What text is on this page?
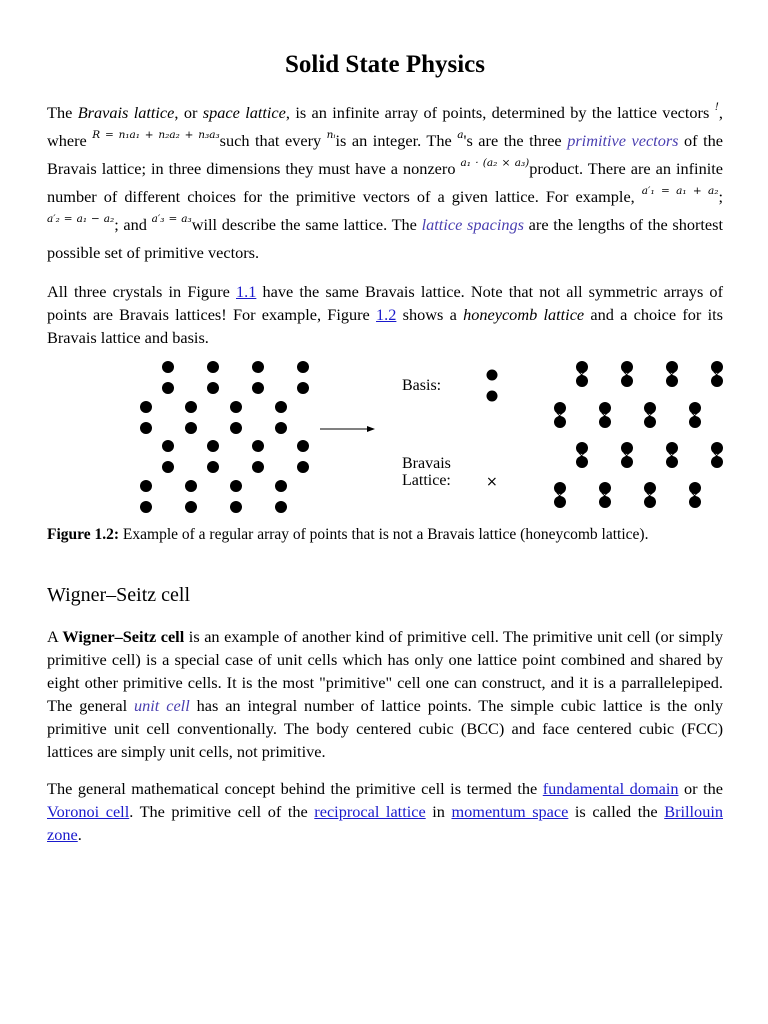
Solid State Physics

The Bravais lattice, or space lattice, is an infinite array of points, determined by the lattice vectors !, where $^{R = n_1a_1 + n_2a_2 + n_3a_3}$such that every $^{nᵢ}$is an integer. The $^a$'s are the three primitive vectors of the Bravais lattice; in three dimensions they must have a nonzero $^{a_1 \cdot (a_2 \times a_3)}$product. There are an infinite number of different choices for the primitive vectors of a given lattice. For example, $^{a'_1 = a_1 + a_2}$; $^{a'_2 = a_1 - a_2}$; and $^{a'_3 = a_3}$will describe the same lattice. The lattice spacings are the lengths of the shortest possible set of primitive vectors.

All three crystals in Figure 1.1 have the same Bravais lattice. Note that not all symmetric arrays of points are Bravais lattices! For example, Figure 1.2 shows a honeycomb lattice and a choice for its Bravais lattice and basis.

Basis:
Bravais
Lattice:	×
×	×	×	×
×	×	×	×
×	×	×	×
×	×	×	×

Figure 1.2: Example of a regular array of points that is not a Bravais lattice (honeycomb lattice).

Wigner–Seitz cell

A Wigner–Seitz cell is an example of another kind of primitive cell. The primitive unit cell (or simply primitive cell) is a special case of unit cells which has only one lattice point combined and shared by eight other primitive cells. It is the most "primitive" cell one can construct, and it is a parrallelepiped. The general unit cell has an integral number of lattice points. The simple cubic lattice is the only primitive unit cell conventionally. The body centered cubic (BCC) and face centered cubic (FCC) lattices are simply unit cells, not primitive.

The general mathematical concept behind the primitive cell is termed the fundamental domain or the Voronoi cell. The primitive cell of the reciprocal lattice in momentum space is called the Brillouin zone.
